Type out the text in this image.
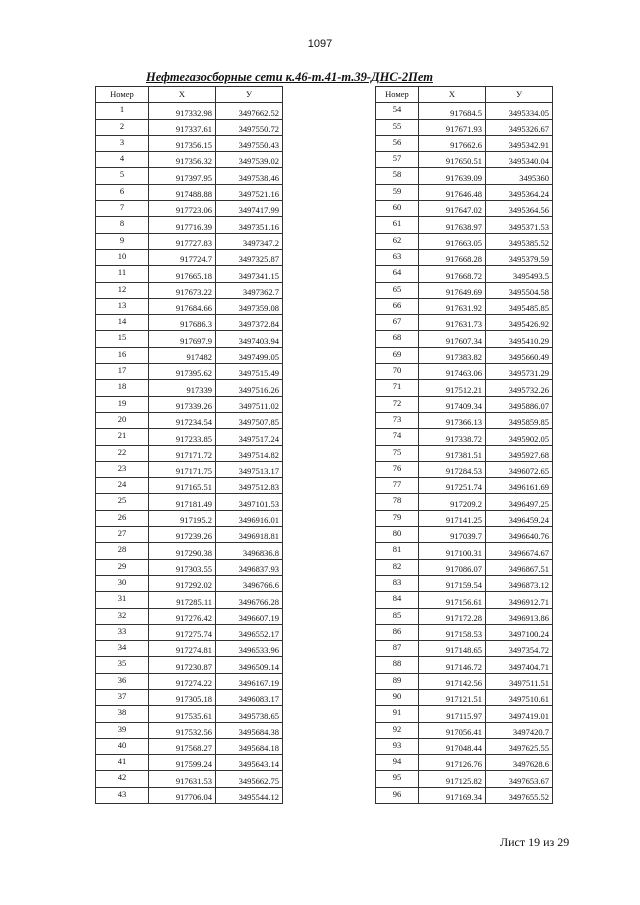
1097
Нефтегазосборные сети к.46-т.41-т.39-ДНС-2Пет
Номер	X	У
1	917332.98	3497662.52
2	917337.61	3497550.72
3	917356.15	3497550.43
4	917356.32	3497539.02
5	917397.95	3497538.46
6	917488.88	3497521.16
7	917723.06	3497417.99
8	917716.39	3497351.16
9	917727.83	3497347.2
10	917724.7	3497325.87
11	917665.18	3497341.15
12	917673.22	3497362.7
13	917684.66	3497359.08
14	917686.3	3497372.84
15	917697.9	3497403.94
16	917482	3497499.05
17	917395.62	3497515.49
18	917339	3497516.26
19	917339.26	3497511.02
20	917234.54	3497507.85
21	917233.85	3497517.24
22	917171.72	3497514.82
23	917171.75	3497513.17
24	917165.51	3497512.83
25	917181.49	3497101.53
26	917195.2	3496916.01
27	917239.26	3496918.81
28	917290.38	3496836.8
29	917303.55	3496837.93
30	917292.02	3496766.6
31	917285.11	3496766.28
32	917276.42	3496607.19
33	917275.74	3496552.17
34	917274.81	3496533.96
35	917230.87	3496509.14
36	917274.22	3496167.19
37	917305.18	3496083.17
38	917535.61	3495738.65
39	917532.56	3495684.38
40	917568.27	3495684.18
41	917599.24	3495643.14
42	917631.53	3495662.75
43	917706.04	3495544.12
Номер	X	У
54	917684.5	3495334.05
55	917671.93	3495326.67
56	917662.6	3495342.91
57	917650.51	3495340.04
58	917639.09	3495360
59	917646.48	3495364.24
60	917647.02	3495364.56
61	917638.97	3495371.53
62	917663.05	3495385.52
63	917668.28	3495379.59
64	917668.72	3495493.5
65	917649.69	3495504.58
66	917631.92	3495485.85
67	917631.73	3495426.92
68	917607.34	3495410.29
69	917383.82	3495660.49
70	917463.06	3495731.29
71	917512.21	3495732.26
72	917409.34	3495886.07
73	917366.13	3495859.85
74	917338.72	3495902.05
75	917381.51	3495927.68
76	917284.53	3496072.65
77	917251.74	3496161.69
78	917209.2	3496497.25
79	917141.25	3496459.24
80	917039.7	3496640.76
81	917100.31	3496674.67
82	917086.07	3496867.51
83	917159.54	3496873.12
84	917156.61	3496912.71
85	917172.28	3496913.86
86	917158.53	3497100.24
87	917148.65	3497354.72
88	917146.72	3497404.71
89	917142.56	3497511.51
90	917121.51	3497510.61
91	917115.97	3497419.01
92	917056.41	3497420.7
93	917048.44	3497625.55
94	917126.76	3497628.6
95	917125.82	3497653.67
96	917169.34	3497655.52
Лист 19 из 29
